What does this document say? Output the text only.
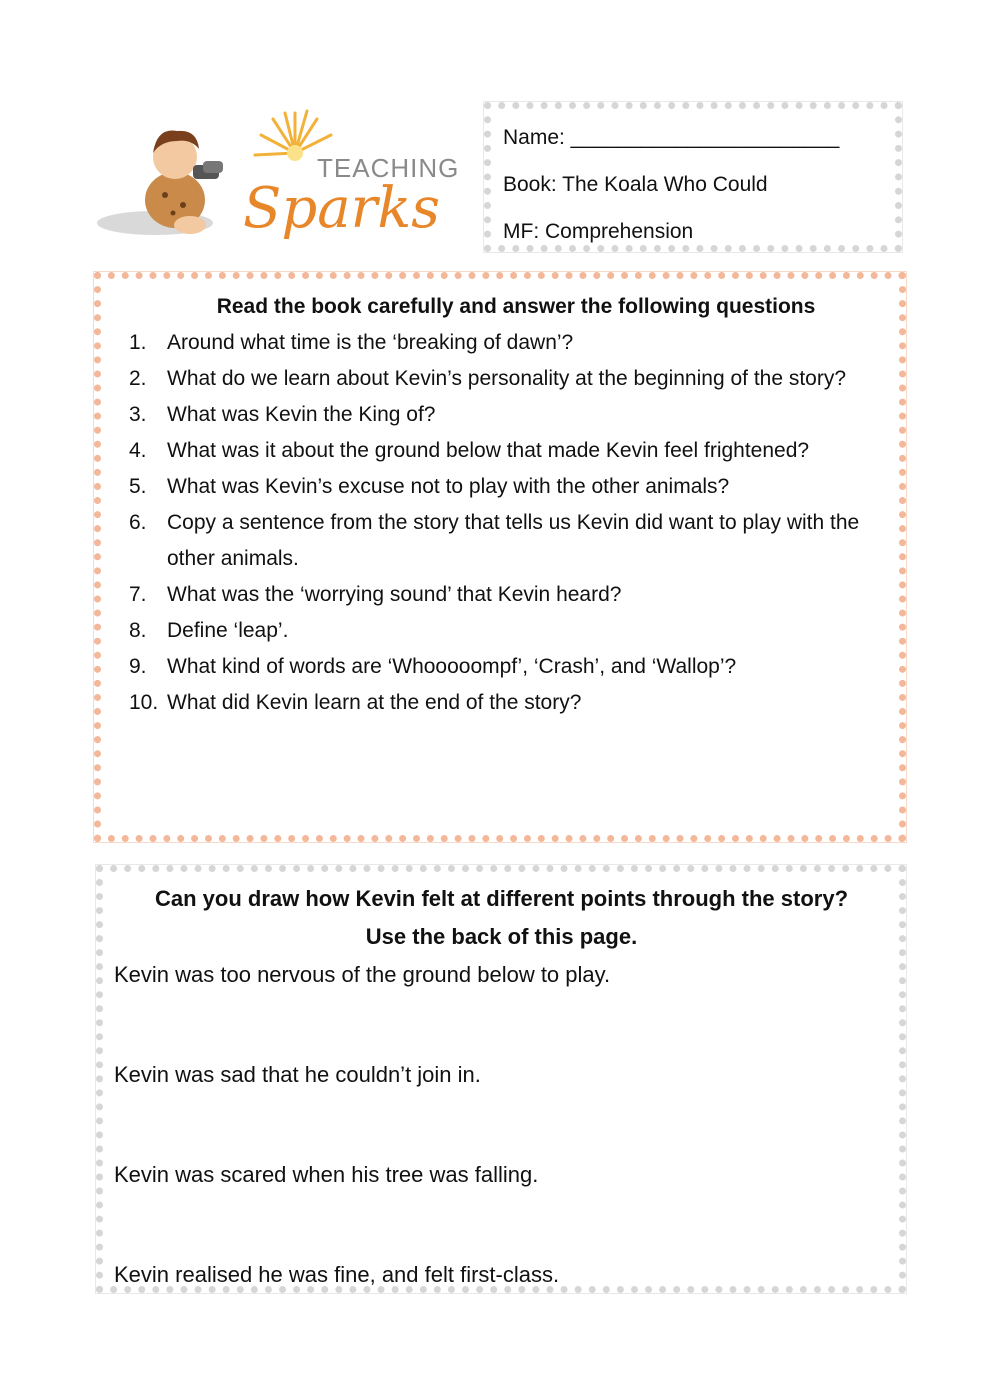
TEACHING
Sparks
Name: _______________________
Book: The Koala Who Could
MF: Comprehension
Read the book carefully and answer the following questions
1. Around what time is the ‘breaking of dawn’?
2. What do we learn about Kevin’s personality at the beginning of the story?
3. What was Kevin the King of?
4. What was it about the ground below that made Kevin feel frightened?
5. What was Kevin’s excuse not to play with the other animals?
6. Copy a sentence from the story that tells us Kevin did want to play with the other animals.
7. What was the ‘worrying sound’ that Kevin heard?
8. Define ‘leap’.
9. What kind of words are ‘Whooooompf’, ‘Crash’, and ‘Wallop’?
10. What did Kevin learn at the end of the story?
Can you draw how Kevin felt at different points through the story?
Use the back of this page.
Kevin was too nervous of the ground below to play.
Kevin was sad that he couldn’t join in.
Kevin was scared when his tree was falling.
Kevin realised he was fine, and felt first-class.
